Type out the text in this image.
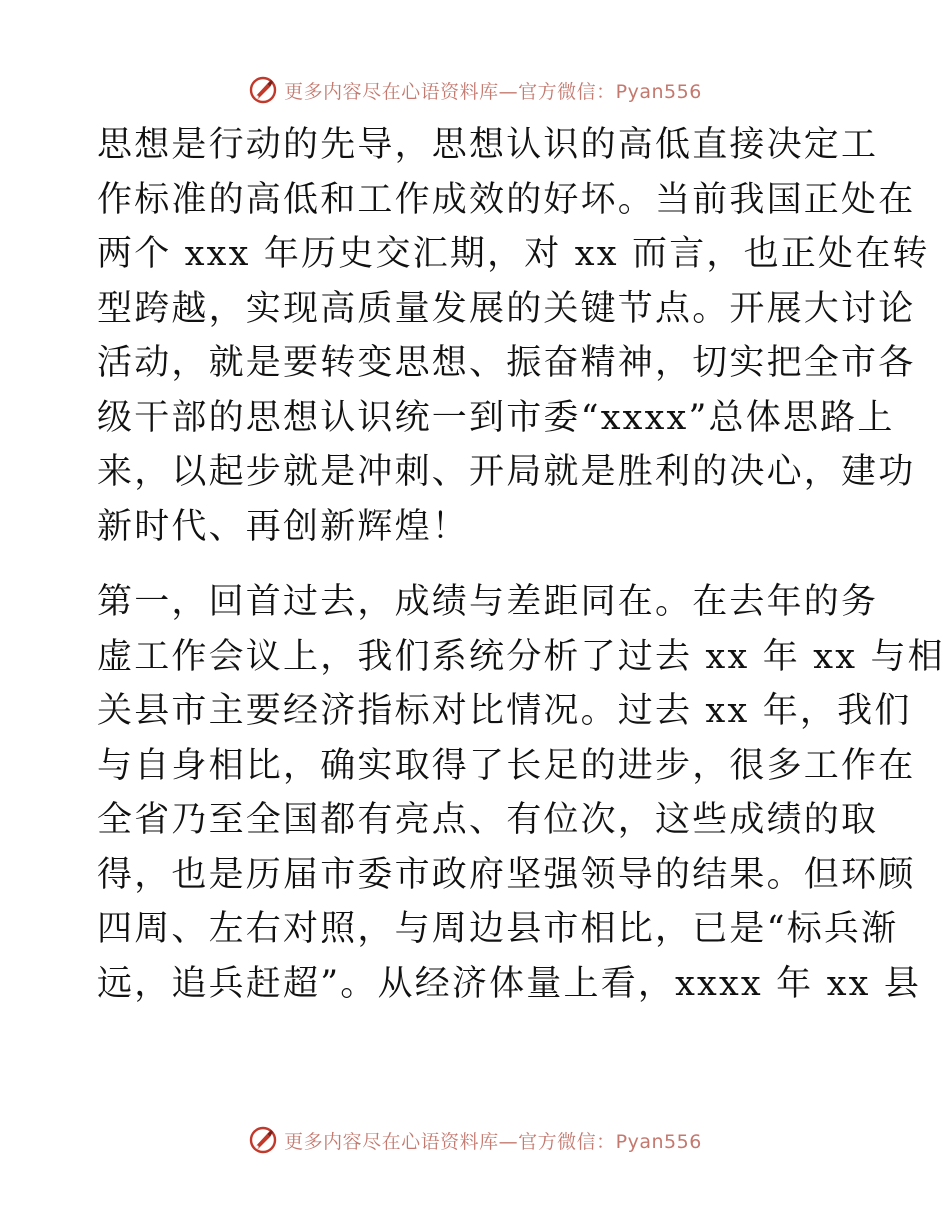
更多内容尽在心语资料库—官方微信：Pyan556

思想是行动的先导，思想认识的高低直接决定工
作标准的高低和工作成效的好坏。当前我国正处在
两个 xxx 年历史交汇期，对 xx 而言，也正处在转
型跨越，实现高质量发展的关键节点。开展大讨论
活动，就是要转变思想、振奋精神，切实把全市各
级干部的思想认识统一到市委“xxxx”总体思路上
来，以起步就是冲刺、开局就是胜利的决心，建功
新时代、再创新辉煌！

第一，回首过去，成绩与差距同在。在去年的务
虚工作会议上，我们系统分析了过去 xx 年 xx 与相
关县市主要经济指标对比情况。过去 xx 年，我们
与自身相比，确实取得了长足的进步，很多工作在
全省乃至全国都有亮点、有位次，这些成绩的取
得，也是历届市委市政府坚强领导的结果。但环顾
四周、左右对照，与周边县市相比，已是“标兵渐
远，追兵赶超”。从经济体量上看，xxxx 年 xx 县

更多内容尽在心语资料库—官方微信：Pyan556
